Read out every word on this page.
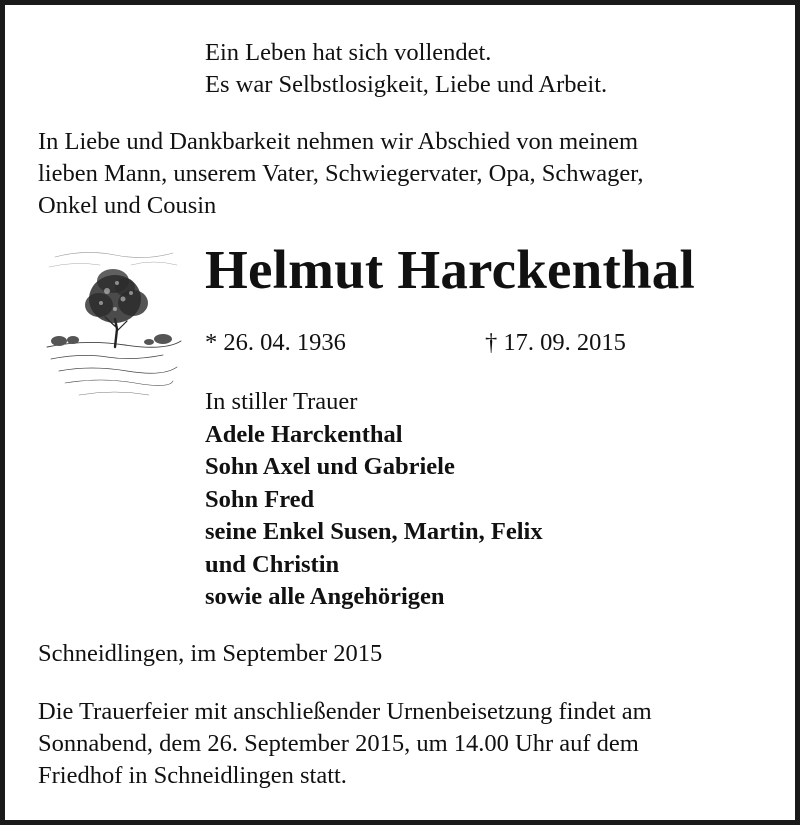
Ein Leben hat sich vollendet.
Es war Selbstlosigkeit, Liebe und Arbeit.
In Liebe und Dankbarkeit nehmen wir Abschied von meinem
lieben Mann, unserem Vater, Schwiegervater, Opa, Schwager,
Onkel und Cousin
Helmut Harckenthal
* 26. 04. 1936	† 17. 09. 2015
In stiller Trauer
Adele Harckenthal
Sohn Axel und Gabriele
Sohn Fred
seine Enkel Susen, Martin, Felix
und Christin
sowie alle Angehörigen
Schneidlingen, im September 2015
Die Trauerfeier mit anschließender Urnenbeisetzung findet am
Sonnabend, dem 26. September 2015, um 14.00 Uhr auf dem
Friedhof in Schneidlingen statt.
